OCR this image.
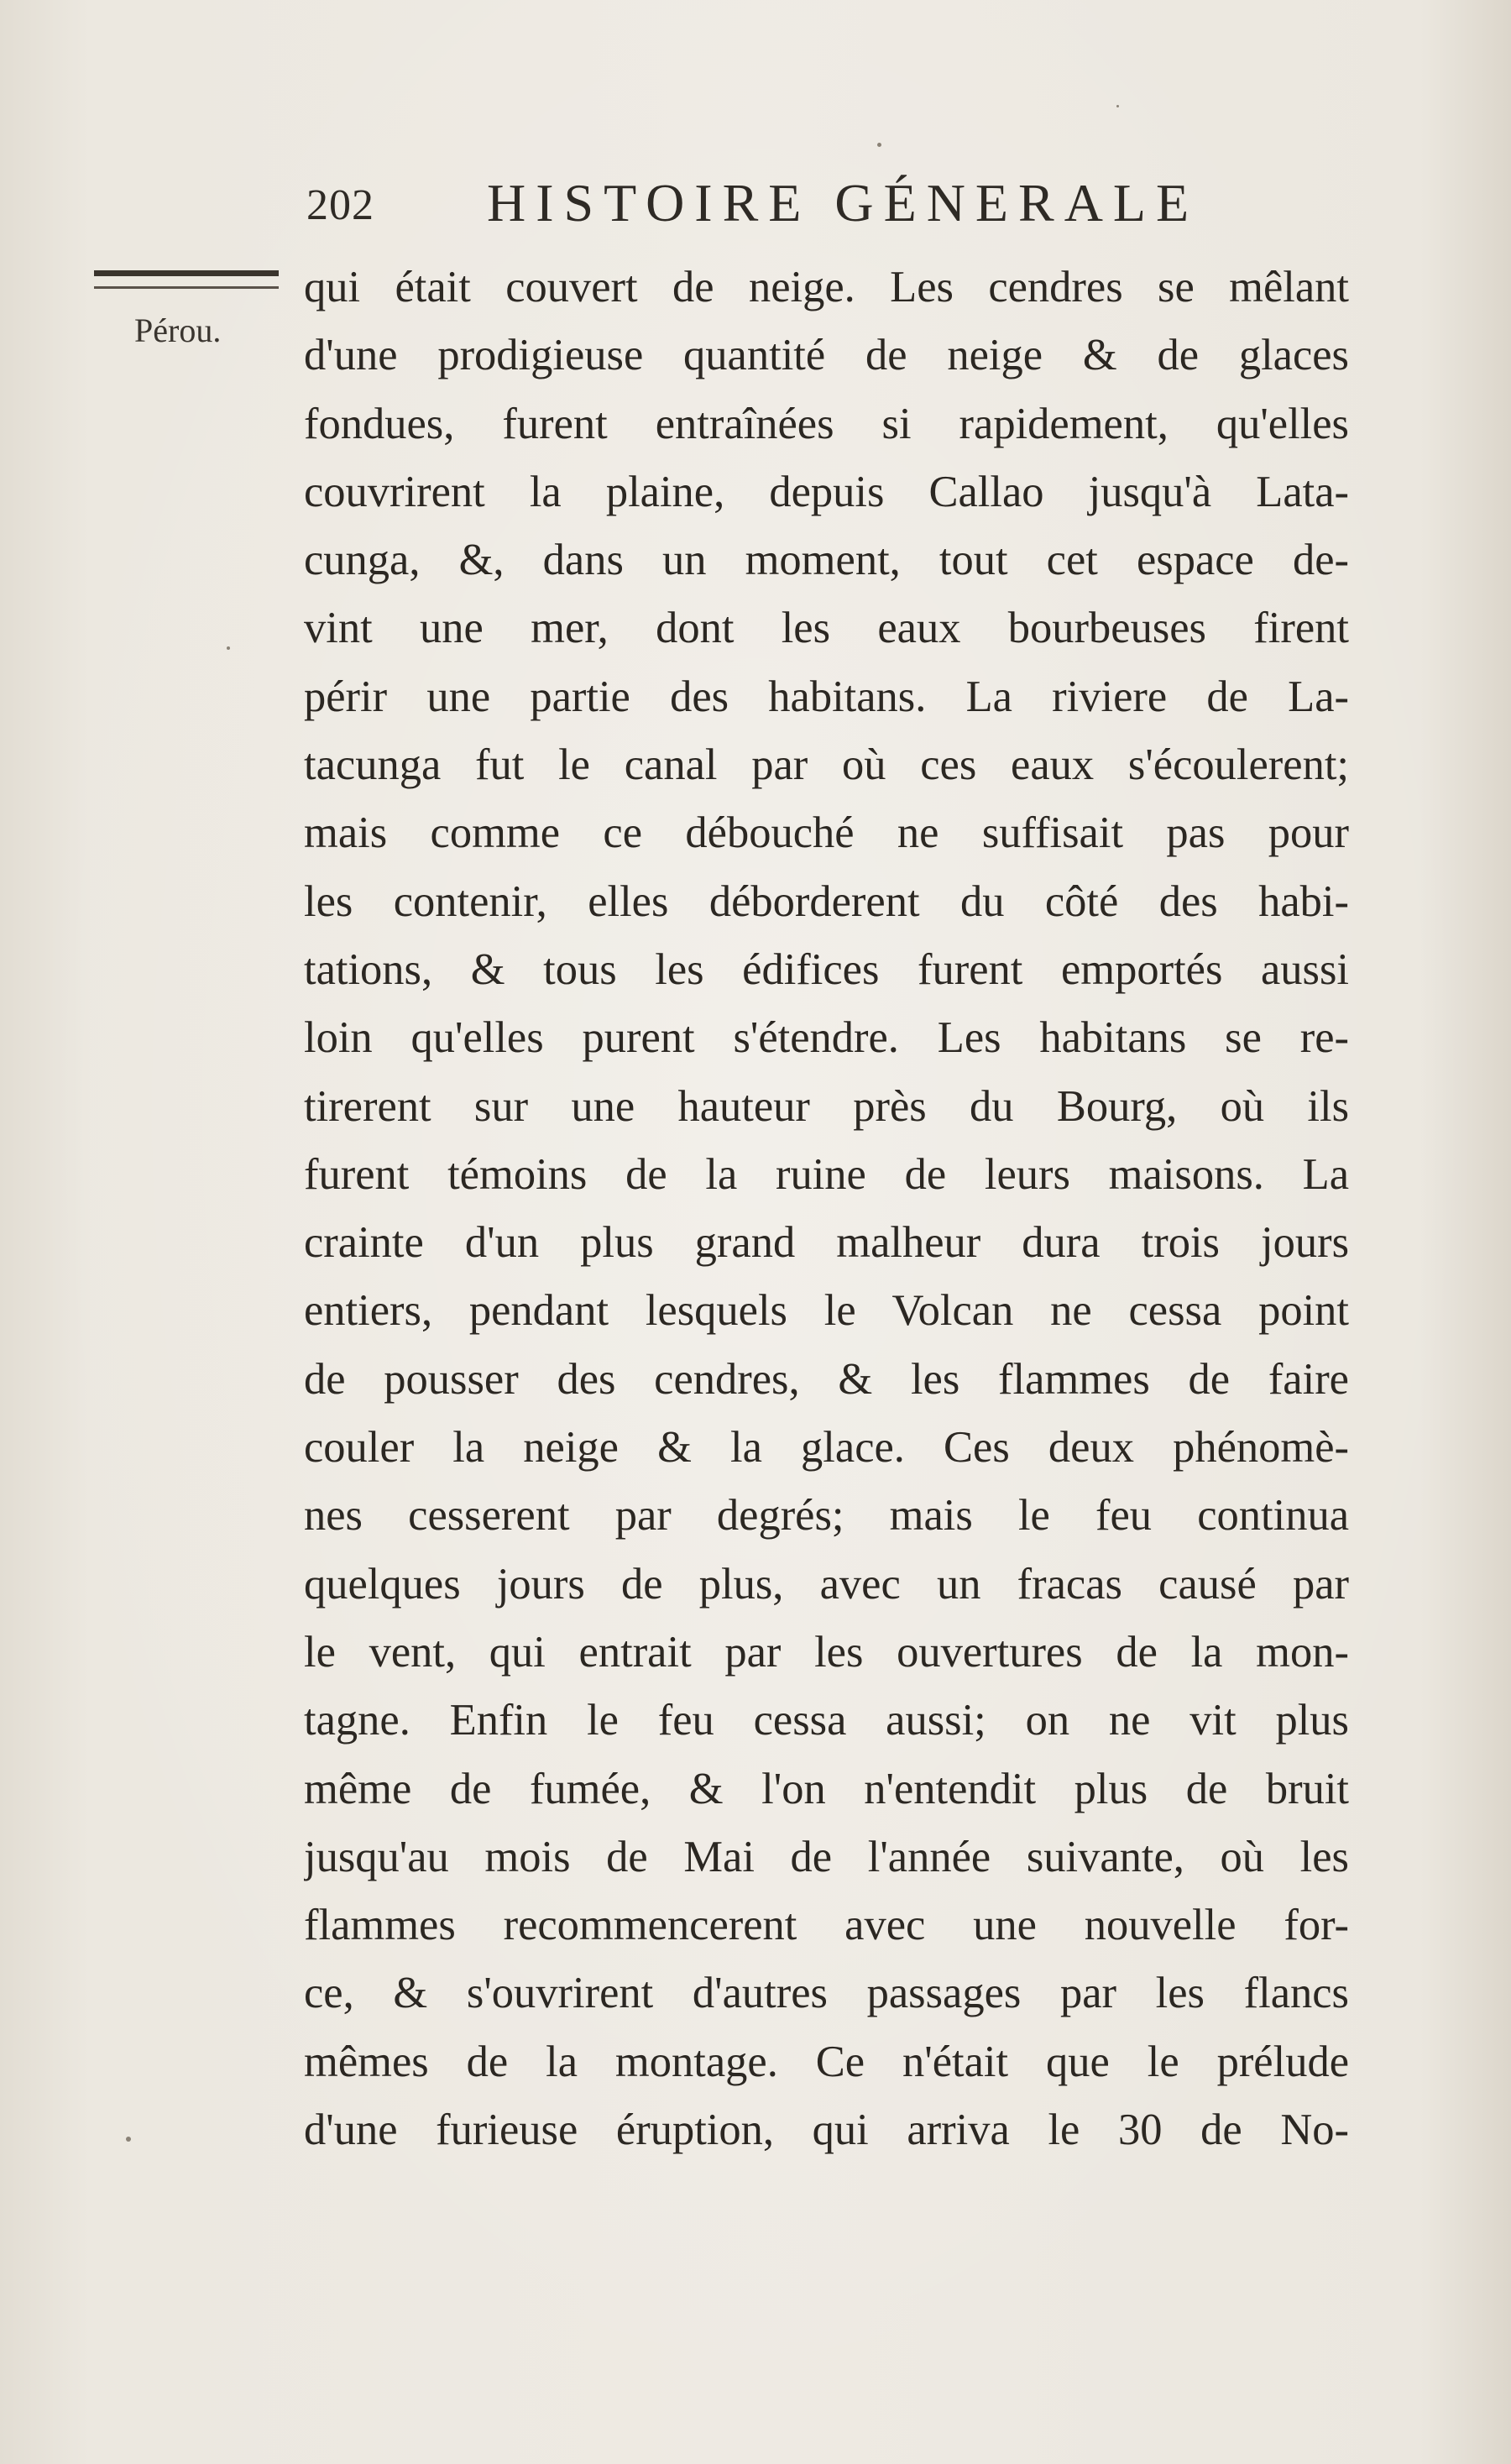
202 HISTOIRE GÉNERALE
Pérou.
qui était couvert de neige. Les cendres se mêlant
d'une prodigieuse quantité de neige & de glaces
fondues, furent entraînées si rapidement, qu'elles
couvrirent la plaine, depuis Callao jusqu'à Lata-
cunga, &, dans un moment, tout cet espace de-
vint une mer, dont les eaux bourbeuses firent
périr une partie des habitans. La riviere de La-
tacunga fut le canal par où ces eaux s'écoulerent;
mais comme ce débouché ne suffisait pas pour
les contenir, elles déborderent du côté des habi-
tations, & tous les édifices furent emportés aussi
loin qu'elles purent s'étendre. Les habitans se re-
tirerent sur une hauteur près du Bourg, où ils
furent témoins de la ruine de leurs maisons. La
crainte d'un plus grand malheur dura trois jours
entiers, pendant lesquels le Volcan ne cessa point
de pousser des cendres, & les flammes de faire
couler la neige & la glace. Ces deux phénomè-
nes cesserent par degrés; mais le feu continua
quelques jours de plus, avec un fracas causé par
le vent, qui entrait par les ouvertures de la mon-
tagne. Enfin le feu cessa aussi; on ne vit plus
même de fumée, & l'on n'entendit plus de bruit
jusqu'au mois de Mai de l'année suivante, où les
flammes recommencerent avec une nouvelle for-
ce, & s'ouvrirent d'autres passages par les flancs
mêmes de la montage. Ce n'était que le prélude
d'une furieuse éruption, qui arriva le 30 de No-
